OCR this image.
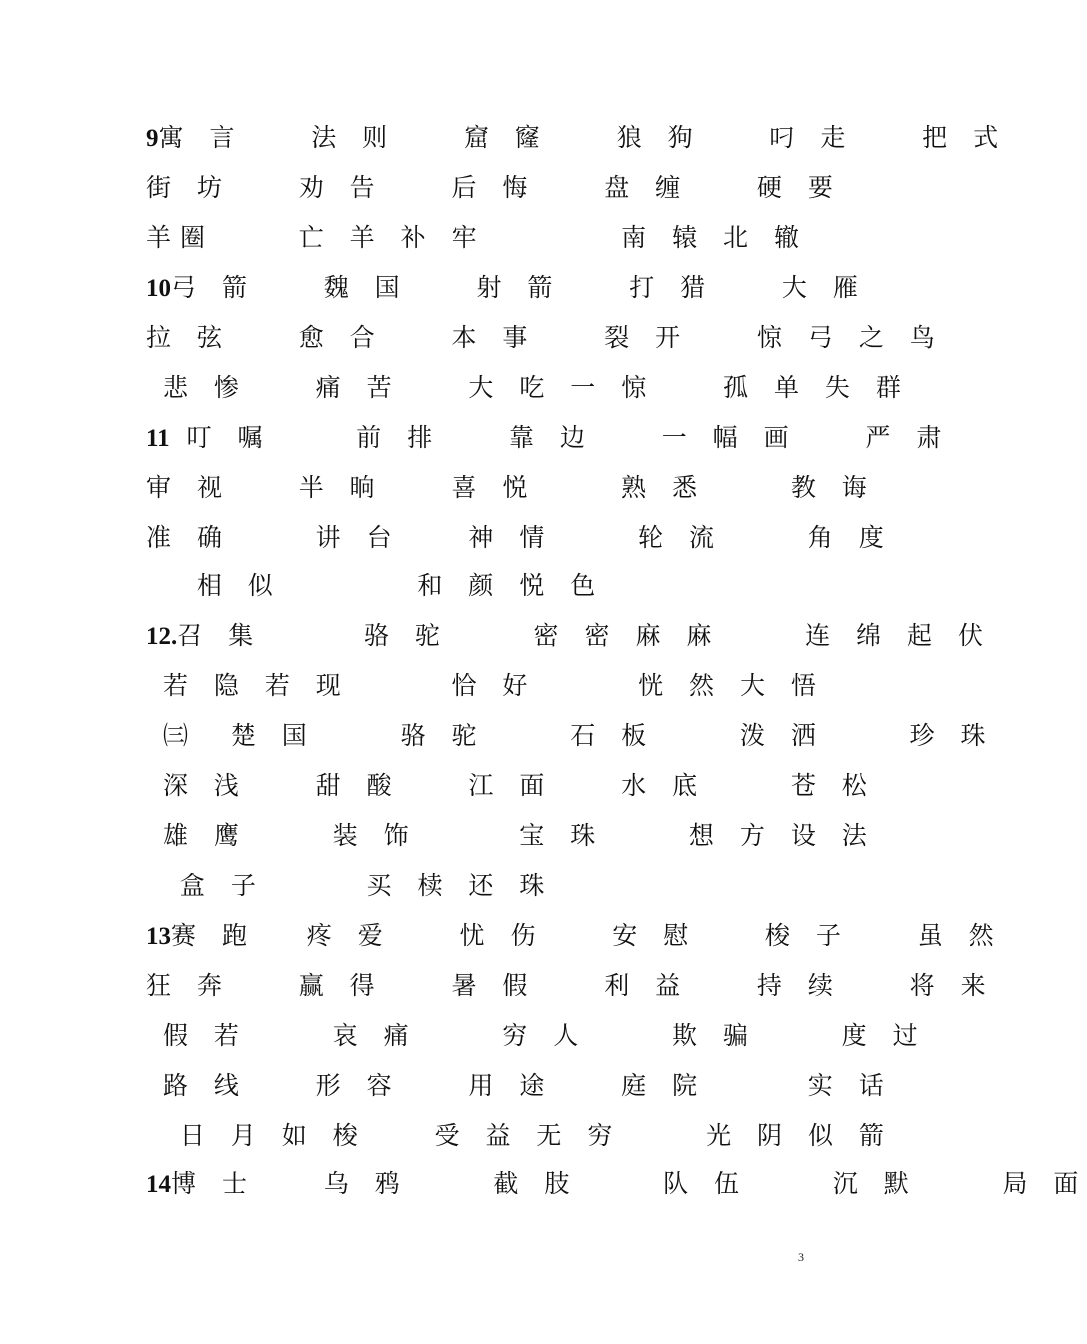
9寓 言    法 则    窟 窿    狼 狗    叼 走    把 式
街 坊    劝 告    后 悔    盘 缠    硬 要
羊圈     亡 羊 补 牢        南 辕 北 辙
10弓 箭    魏 国    射 箭    打 猎    大 雁
拉 弦    愈 合    本 事    裂 开    惊 弓 之 鸟
悲 惨    痛 苦    大 吃 一 惊    孤 单 失 群
11 叮 嘱     前 排    靠 边    一 幅 画    严 肃
审 视    半 晌    喜 悦     熟 悉     教 诲
准 确     讲 台    神 情     轮 流     角 度
相 似        和 颜 悦 色
12.召 集      骆 驼     密 密 麻 麻     连 绵 起 伏
若 隐 若 现      恰 好      恍 然 大 悟
㈢  楚 国     骆 驼     石 板     泼 洒     珍 珠
深 浅    甜 酸    江 面    水 底     苍 松
雄 鹰     装 饰      宝 珠     想 方 设 法
盒 子      买 椟 还 珠
13赛 跑   疼 爱    忧 伤    安 慰    梭 子    虽 然
狂 奔    赢 得    暑 假    利 益    持 续    将 来
假 若     哀 痛     穷 人     欺 骗     度 过
路 线    形 容    用 途    庭 院      实 话
日 月 如 梭    受 益 无 穷     光 阴 似 箭
14博 士    乌 鸦     截 肢     队 伍     沉 默     局 面
3
